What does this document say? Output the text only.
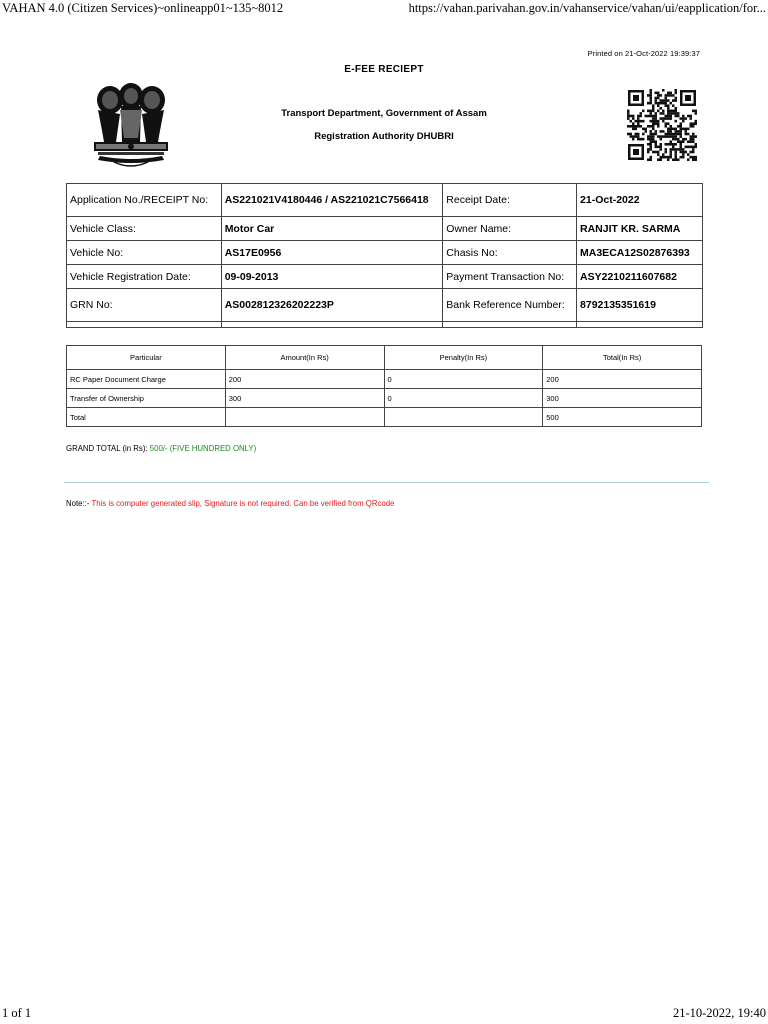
VAHAN 4.0 (Citizen Services)~onlineapp01~135~8012	https://vahan.parivahan.gov.in/vahanservice/vahan/ui/eapplication/for...
Printed on 21-Oct-2022 19:39:37
E-FEE RECIEPT
Transport Department, Government of Assam
Registration Authority DHUBRI
Application No./RECEIPT No:	AS221021V4180446 / AS221021C7566418	Receipt Date:	21-Oct-2022
Vehicle Class:	Motor Car	Owner Name:	RANJIT KR. SARMA
Vehicle No:	AS17E0956	Chasis No:	MA3ECA12S02876393
Vehicle Registration Date:	09-09-2013	Payment Transaction No:	ASY2210211607682
GRN No:	AS002812326202223P	Bank Reference Number:	8792135351619

Particular	Amount(In Rs)	Penalty(In Rs)	Total(In Rs)
RC Paper Document Charge	200	0	200
Transfer of Ownership	300	0	300
Total			500
GRAND TOTAL (in Rs): 500/- (FIVE HUNDRED ONLY)
Note::- This is computer generated slip, Signature is not required. Can be verified from QRcode
1 of 1	21-10-2022, 19:40
